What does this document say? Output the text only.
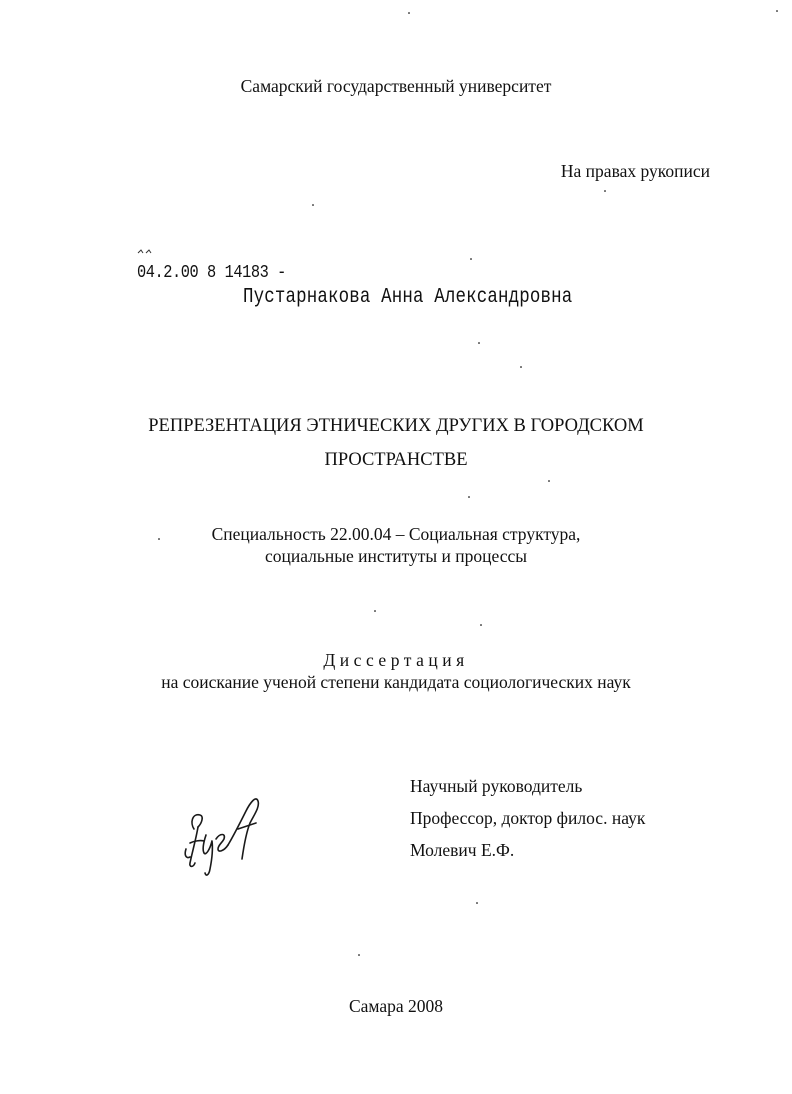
Самарский государственный университет
На правах рукописи
04.2.00 8 14183 -
Пустарнакова Анна Александровна
РЕПРЕЗЕНТАЦИЯ ЭТНИЧЕСКИХ ДРУГИХ В ГОРОДСКОМ
ПРОСТРАНСТВЕ
Специальность 22.00.04 – Социальная структура,
социальные институты и процессы
Диссертация
на соискание ученой степени кандидата социологических наук
Научный руководитель
Профессор, доктор филос. наук
Молевич Е.Ф.
Самара 2008
